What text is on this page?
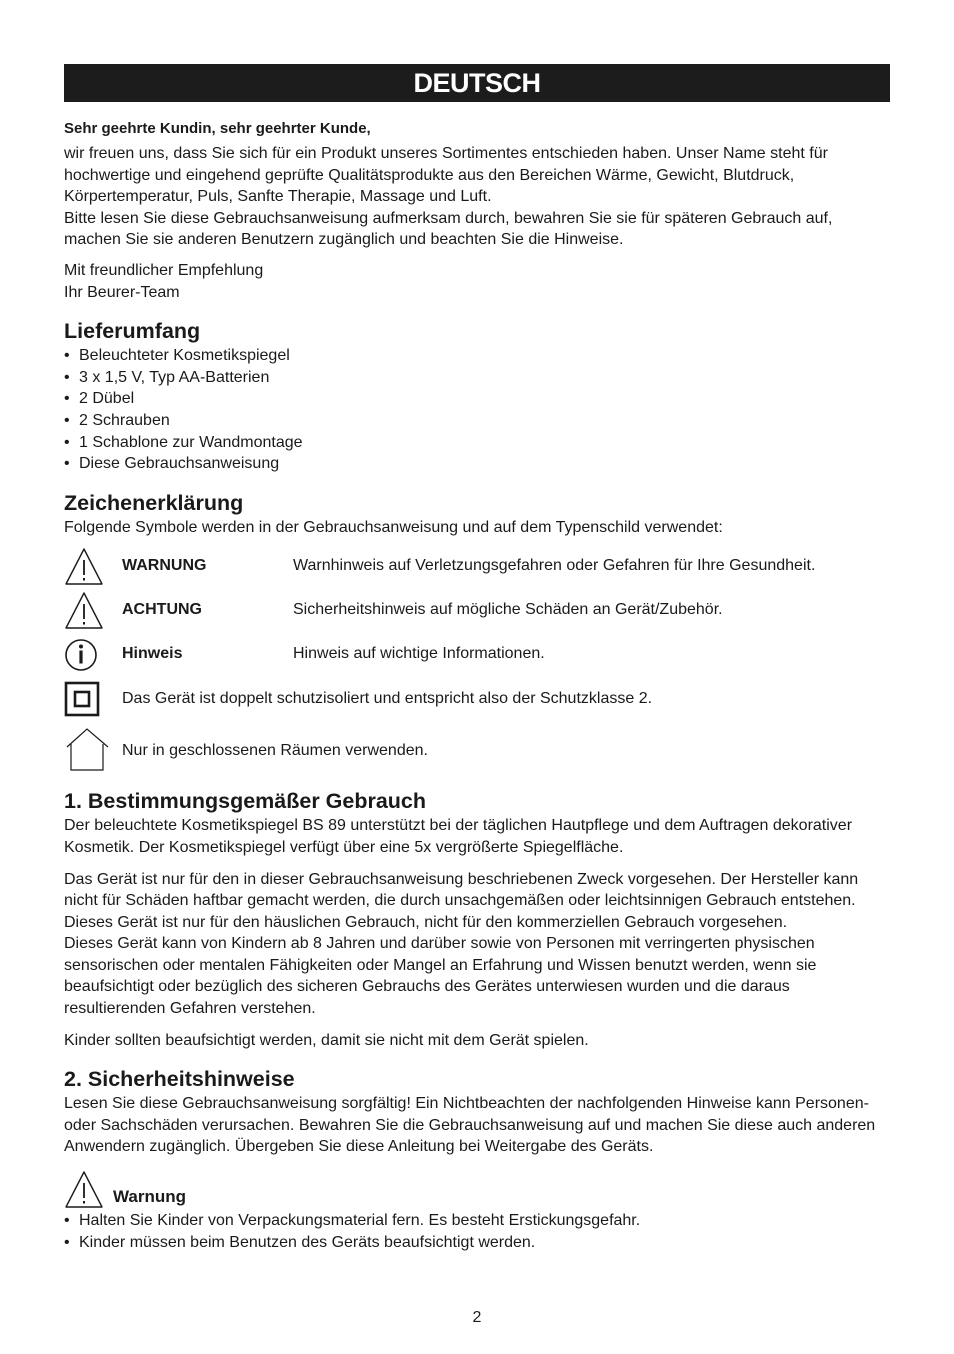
DEUTSCH

Sehr geehrte Kundin, sehr geehrter Kunde,

wir freuen uns, dass Sie sich für ein Produkt unseres Sortimentes entschieden haben. Unser Name steht für hochwertige und eingehend geprüfte Qualitätsprodukte aus den Bereichen Wärme, Gewicht, Blutdruck, Körpertemperatur, Puls, Sanfte Therapie, Massage und Luft.

Bitte lesen Sie diese Gebrauchsanweisung aufmerksam durch, bewahren Sie sie für späteren Gebrauch auf, machen Sie sie anderen Benutzern zugänglich und beachten Sie die Hinweise.

Mit freundlicher Empfehlung

Ihr Beurer-Team

Lieferumfang
• Beleuchteter Kosmetikspiegel
• 3 x 1,5 V, Typ AA-Batterien
• 2 Dübel
• 2 Schrauben
• 1 Schablone zur Wandmontage
• Diese Gebrauchsanweisung
Zeichenerklärung

Folgende Symbole werden in der Gebrauchsanweisung und auf dem Typenschild verwendet:

WARNUNG	Warnhinweis auf Verletzungsgefahren oder Gefahren für Ihre Gesundheit.
ACHTUNG	Sicherheitshinweis auf mögliche Schäden an Gerät/Zubehör.
Hinweis	Hinweis auf wichtige Informationen.
Das Gerät ist doppelt schutzisoliert und entspricht also der Schutzklasse 2.
Nur in geschlossenen Räumen verwenden.
1. Bestimmungsgemäßer Gebrauch

Der beleuchtete Kosmetikspiegel BS 89 unterstützt bei der täglichen Hautpflege und dem Auftragen dekorativer Kosmetik. Der Kosmetikspiegel verfügt über eine 5x vergrößerte Spiegelfläche.

Das Gerät ist nur für den in dieser Gebrauchsanweisung beschriebenen Zweck vorgesehen. Der Hersteller kann nicht für Schäden haftbar gemacht werden, die durch unsachgemäßen oder leichtsinnigen Gebrauch entstehen.

Dieses Gerät ist nur für den häuslichen Gebrauch, nicht für den kommerziellen Gebrauch vorgesehen.

Dieses Gerät kann von Kindern ab 8 Jahren und darüber sowie von Personen mit verringerten physischen sensorischen oder mentalen Fähigkeiten oder Mangel an Erfahrung und Wissen benutzt werden, wenn sie beaufsichtigt oder bezüglich des sicheren Gebrauchs des Gerätes unterwiesen wurden und die daraus resultierenden Gefahren verstehen.

Kinder sollten beaufsichtigt werden, damit sie nicht mit dem Gerät spielen.

2. Sicherheitshinweise

Lesen Sie diese Gebrauchsanweisung sorgfältig! Ein Nichtbeachten der nachfolgenden Hinweise kann Personen- oder Sachschäden verursachen. Bewahren Sie die Gebrauchsanweisung auf und machen Sie diese auch anderen Anwendern zugänglich. Übergeben Sie diese Anleitung bei Weitergabe des Geräts.

Warnung
• Halten Sie Kinder von Verpackungsmaterial fern. Es besteht Erstickungsgefahr.
• Kinder müssen beim Benutzen des Geräts beaufsichtigt werden.
2
